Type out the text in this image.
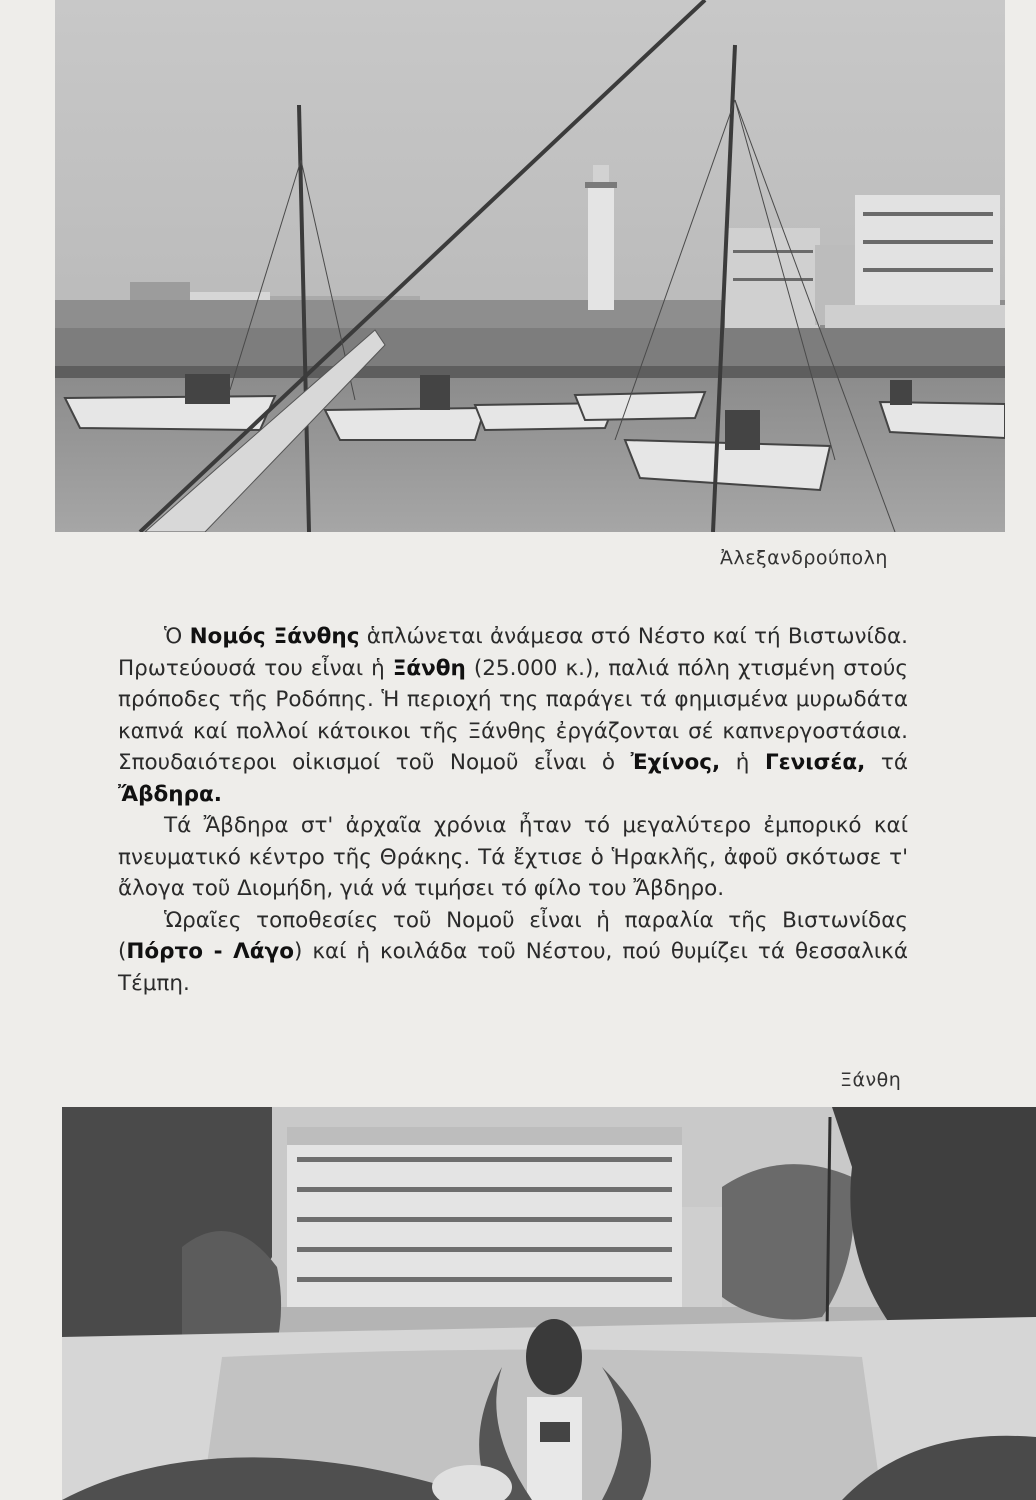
Ἀλεξανδρούπολη

Ὁ Νομός Ξάνθης ἁπλώνεται ἀνάμεσα στό Νέστο καί τή Βιστωνίδα. Πρωτεύουσά του εἶναι ἡ Ξάνθη (25.000 κ.), παλιά πόλη χτισμένη στούς πρόποδες τῆς Ροδόπης. Ἡ περιοχή της παράγει τά φημισμένα μυρωδάτα καπνά καί πολλοί κάτοικοι τῆς Ξάνθης ἐργάζονται σέ καπνεργοστάσια. Σπουδαιότεροι οἰκισμοί τοῦ Νομοῦ εἶναι ὁ Ἐχίνος, ἡ Γενισέα, τά Ἄβδηρα.

Τά Ἄβδηρα στ' ἀρχαῖα χρόνια ἦταν τό μεγαλύτερο ἐμπορικό καί πνευματικό κέντρο τῆς Θράκης. Τά ἔχτισε ὁ Ἡρακλῆς, ἀφοῦ σκότωσε τ' ἄλογα τοῦ Διομήδη, γιά νά τιμήσει τό φίλο του Ἄβδηρο.

Ὡραῖες τοποθεσίες τοῦ Νομοῦ εἶναι ἡ παραλία τῆς Βιστωνίδας (Πόρτο - Λάγο) καί ἡ κοιλάδα τοῦ Νέστου, πού θυμίζει τά θεσσαλικά Τέμπη.

Ξάνθη
